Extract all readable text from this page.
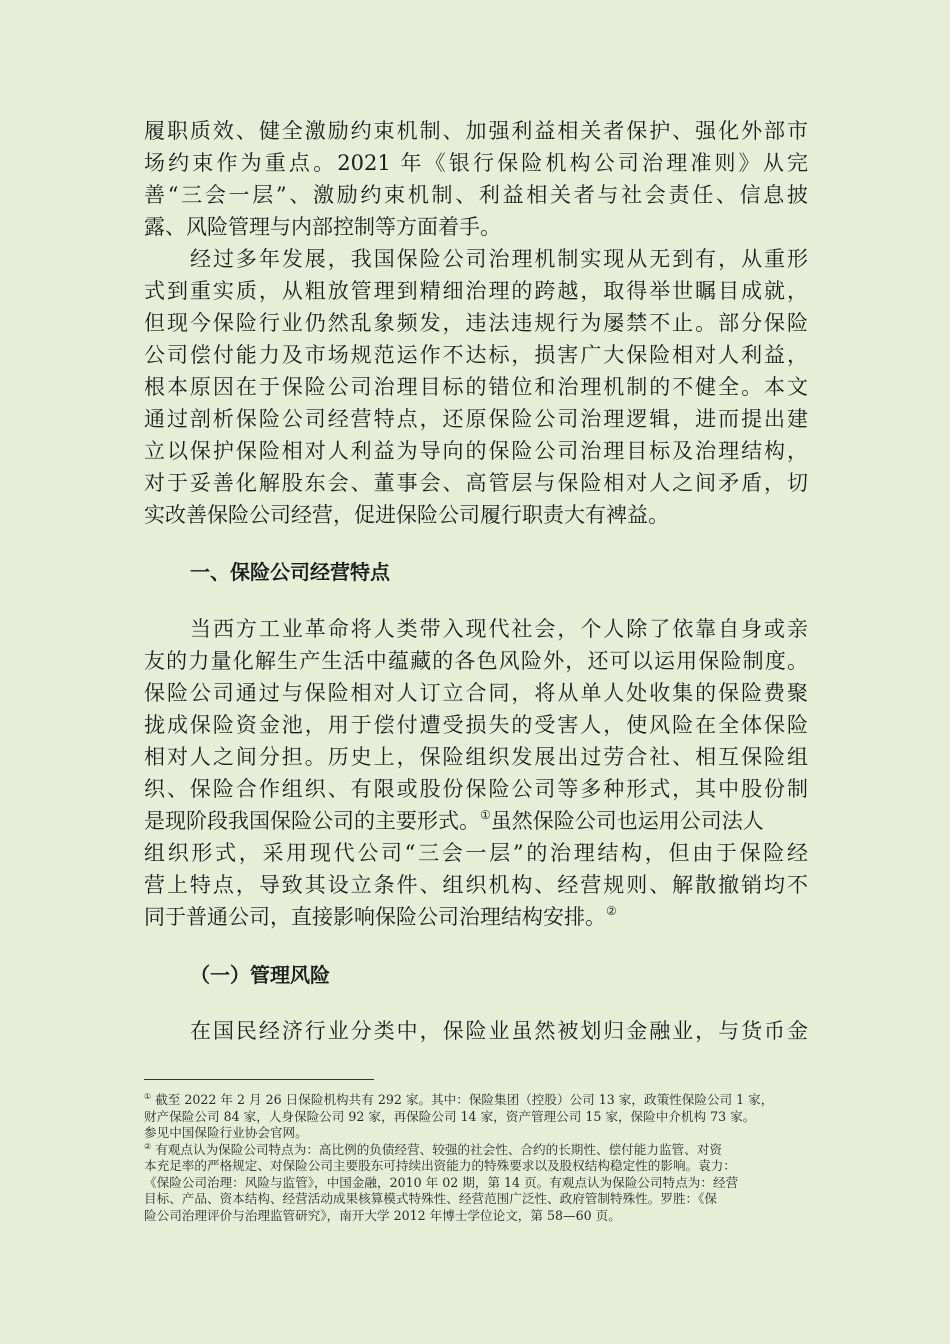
履职质效、健全激励约束机制、加强利益相关者保护、强化外部市
场约束作为重点。2021 年《银行保险机构公司治理准则》从完
善“三会一层”、激励约束机制、利益相关者与社会责任、信息披
露、风险管理与内部控制等方面着手。
经过多年发展，我国保险公司治理机制实现从无到有，从重形
式到重实质，从粗放管理到精细治理的跨越，取得举世瞩目成就，
但现今保险行业仍然乱象频发，违法违规行为屡禁不止。部分保险
公司偿付能力及市场规范运作不达标，损害广大保险相对人利益，
根本原因在于保险公司治理目标的错位和治理机制的不健全。本文
通过剖析保险公司经营特点，还原保险公司治理逻辑，进而提出建
立以保护保险相对人利益为导向的保险公司治理目标及治理结构，
对于妥善化解股东会、董事会、高管层与保险相对人之间矛盾，切
实改善保险公司经营，促进保险公司履行职责大有裨益。
一、保险公司经营特点
当西方工业革命将人类带入现代社会，个人除了依靠自身或亲
友的力量化解生产生活中蕴藏的各色风险外，还可以运用保险制度。
保险公司通过与保险相对人订立合同，将从单人处收集的保险费聚
拢成保险资金池，用于偿付遭受损失的受害人，使风险在全体保险
相对人之间分担。历史上，保险组织发展出过劳合社、相互保险组
织、保险合作组织、有限或股份保险公司等多种形式，其中股份制
是现阶段我国保险公司的主要形式。①虽然保险公司也运用公司法人
组织形式，采用现代公司“三会一层”的治理结构，但由于保险经
营上特点，导致其设立条件、组织机构、经营规则、解散撤销均不
同于普通公司，直接影响保险公司治理结构安排。②
（一）管理风险
在国民经济行业分类中，保险业虽然被划归金融业，与货币金
① 截至 2022 年 2 月 26 日保险机构共有 292 家。其中：保险集团（控股）公司 13 家，政策性保险公司 1 家，
财产保险公司 84 家，人身保险公司 92 家，再保险公司 14 家，资产管理公司 15 家，保险中介机构 73 家。
参见中国保险行业协会官网。
② 有观点认为保险公司特点为：高比例的负债经营、较强的社会性、合约的长期性、偿付能力监管、对资
本充足率的严格规定、对保险公司主要股东可持续出资能力的特殊要求以及股权结构稳定性的影响。袁力：
《保险公司治理：风险与监管》，中国金融，2010 年 02 期，第 14 页。有观点认为保险公司特点为：经营
目标、产品、资本结构、经营活动成果核算模式特殊性、经营范围广泛性、政府管制特殊性。罗胜：《保
险公司治理评价与治理监管研究》，南开大学 2012 年博士学位论文，第 58—60 页。
